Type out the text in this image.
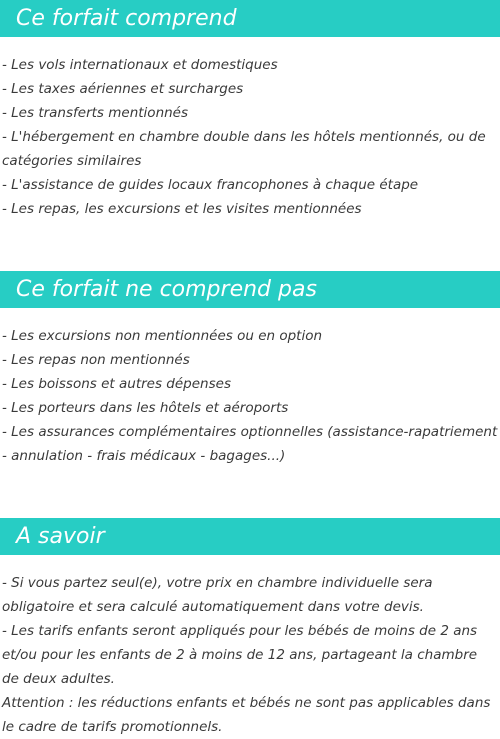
Ce forfait comprend

- Les vols internationaux et domestiques

- Les taxes aériennes et surcharges

- Les transferts mentionnés

- L'hébergement en chambre double dans les hôtels mentionnés, ou de catégories similaires

- L'assistance de guides locaux francophones à chaque étape

- Les repas, les excursions et les visites mentionnées

Ce forfait ne comprend pas

- Les excursions non mentionnées ou en option

- Les repas non mentionnés

- Les boissons et autres dépenses

- Les porteurs dans les hôtels et aéroports

- Les assurances complémentaires optionnelles (assistance-rapatriement - annulation - frais médicaux - bagages...)

A savoir

- Si vous partez seul(e), votre prix en chambre individuelle sera obligatoire et sera calculé automatiquement dans votre devis.

- Les tarifs enfants seront appliqués pour les bébés de moins de 2 ans et/ou pour les enfants de 2 à moins de 12 ans, partageant la chambre de deux adultes.

Attention : les réductions enfants et bébés ne sont pas applicables dans le cadre de tarifs promotionnels.
